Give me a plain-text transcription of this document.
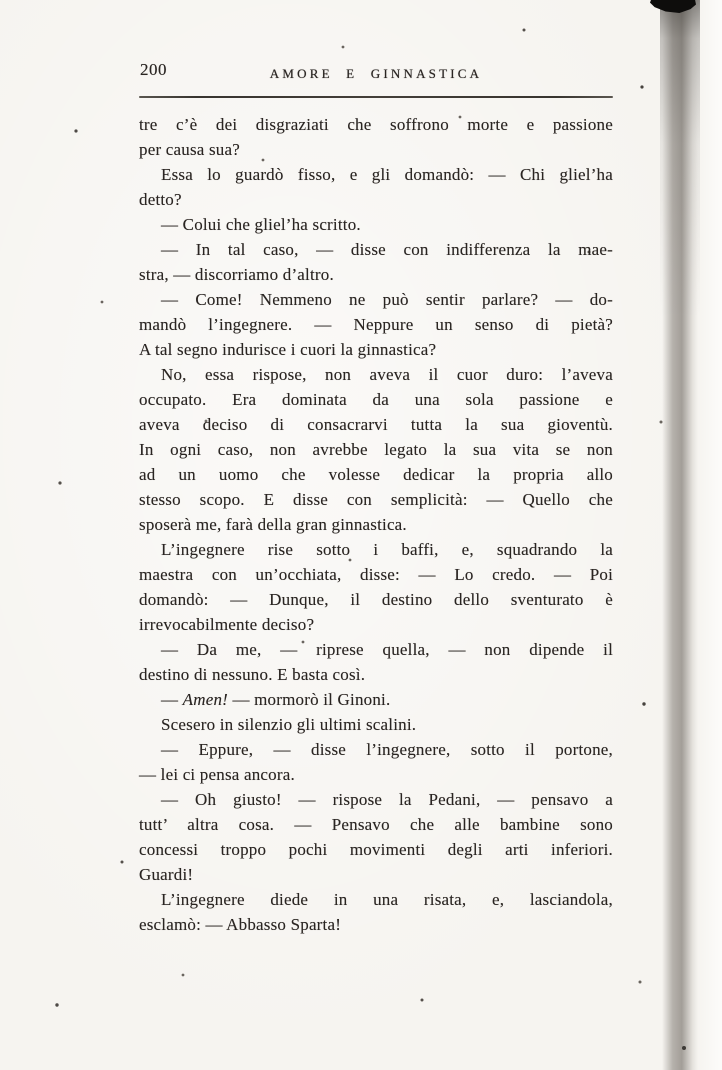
200	AMORE E GINNASTICA
tre c’è dei disgraziati che soffrono morte e passione
per causa sua?
Essa lo guardò fisso, e gli domandò: — Chi gliel’ha
detto?
— Colui che gliel’ha scritto.
— In tal caso, — disse con indifferenza la mae-
stra, — discorriamo d’altro.
— Come! Nemmeno ne può sentir parlare? — do-
mandò l’ingegnere. — Neppure un senso di pietà?
A tal segno indurisce i cuori la ginnastica?
No, essa rispose, non aveva il cuor duro: l’aveva
occupato. Era dominata da una sola passione e
aveva deciso di consacrarvi tutta la sua gioventù.
In ogni caso, non avrebbe legato la sua vita se non
ad un uomo che volesse dedicar la propria allo
stesso scopo. E disse con semplicità: — Quello che
sposerà me, farà della gran ginnastica.
L’ingegnere rise sotto i baffi, e, squadrando la
maestra con un’occhiata, disse: — Lo credo. — Poi
domandò: — Dunque, il destino dello sventurato è
irrevocabilmente deciso?
— Da me, — riprese quella, — non dipende il
destino di nessuno. E basta così.
— Amen! — mormorò il Ginoni.
Scesero in silenzio gli ultimi scalini.
— Eppure, — disse l’ingegnere, sotto il portone,
— lei ci pensa ancora.
— Oh giusto! — rispose la Pedani, — pensavo a
tutt’ altra cosa. — Pensavo che alle bambine sono
concessi troppo pochi movimenti degli arti inferiori.
Guardi!
L’ingegnere diede in una risata, e, lasciandola,
esclamò: — Abbasso Sparta!
